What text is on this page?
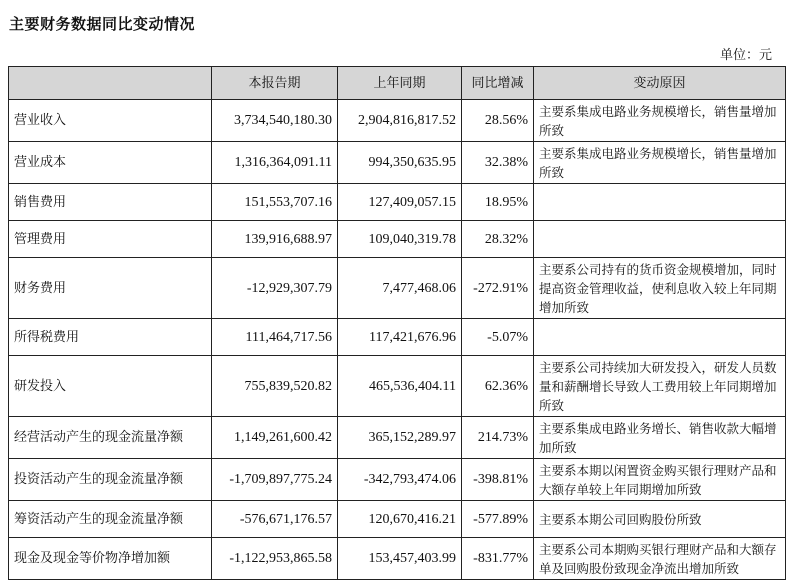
主要财务数据同比变动情况
单位：元
	本报告期	上年同期	同比增减	变动原因
营业收入	3,734,540,180.30	2,904,816,817.52	28.56%	主要系集成电路业务规模增长，销售量增加所致
营业成本	1,316,364,091.11	994,350,635.95	32.38%	主要系集成电路业务规模增长，销售量增加所致
销售费用	151,553,707.16	127,409,057.15	18.95%	
管理费用	139,916,688.97	109,040,319.78	28.32%	
财务费用	-12,929,307.79	7,477,468.06	-272.91%	主要系公司持有的货币资金规模增加，同时提高资金管理收益，使利息收入较上年同期增加所致
所得税费用	111,464,717.56	117,421,676.96	-5.07%	
研发投入	755,839,520.82	465,536,404.11	62.36%	主要系公司持续加大研发投入，研发人员数量和薪酬增长导致人工费用较上年同期增加所致
经营活动产生的现金流量净额	1,149,261,600.42	365,152,289.97	214.73%	主要系集成电路业务增长、销售收款大幅增加所致
投资活动产生的现金流量净额	-1,709,897,775.24	-342,793,474.06	-398.81%	主要系本期以闲置资金购买银行理财产品和大额存单较上年同期增加所致
筹资活动产生的现金流量净额	-576,671,176.57	120,670,416.21	-577.89%	主要系本期公司回购股份所致
现金及现金等价物净增加额	-1,122,953,865.58	153,457,403.99	-831.77%	主要系公司本期购买银行理财产品和大额存单及回购股份致现金净流出增加所致
